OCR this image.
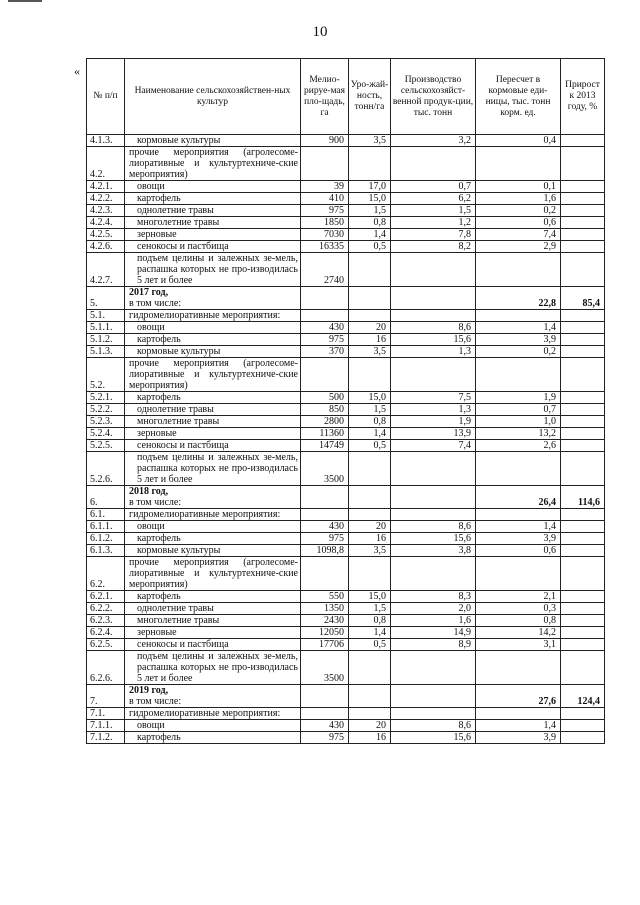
10
«
№ п/п	Наименование сельскохозяйствен-ных культур	Мелио-рируе-мая пло-щадь, га	Уро-жай-ность, тонн/га	Производство сельскохозяйст-венной продук-ции, тыс. тонн	Пересчет в кормовые еди-ницы, тыс. тонн корм. ед.	Прирост к 2013 году, %
4.1.3.	кормовые культуры	900	3,5	3,2	0,4	
4.2.	прочие мероприятия (агролесоме-лиоративные и культуртехниче-ские мероприятия)					
4.2.1.	овощи	39	17,0	0,7	0,1	
4.2.2.	картофель	410	15,0	6,2	1,6	
4.2.3.	однолетние травы	975	1,5	1,5	0,2	
4.2.4.	многолетние травы	1850	0,8	1,2	0,6	
4.2.5.	зерновые	7030	1,4	7,8	7,4	
4.2.6.	сенокосы и пастбища	16335	0,5	8,2	2,9	
4.2.7.	подъем целины и залежных зе-мель, распашка которых не про-изводилась 5 лет и более	2740				
5.	2017 год,
в том числе:				22,8	85,4
5.1.	гидромелиоративные мероприятия:					
5.1.1.	овощи	430	20	8,6	1,4	
5.1.2.	картофель	975	16	15,6	3,9	
5.1.3.	кормовые культуры	370	3,5	1,3	0,2	
5.2.	прочие мероприятия (агролесоме-лиоративные и культуртехниче-ские мероприятия)					
5.2.1.	картофель	500	15,0	7,5	1,9	
5.2.2.	однолетние травы	850	1,5	1,3	0,7	
5.2.3.	многолетние травы	2800	0,8	1,9	1,0	
5.2.4.	зерновые	11360	1,4	13,9	13,2	
5.2.5.	сенокосы и пастбища	14749	0,5	7,4	2,6	
5.2.6.	подъем целины и залежных зе-мель, распашка которых не про-изводилась 5 лет и более	3500				
6.	2018 год,
в том числе:				26,4	114,6
6.1.	гидромелиоративные мероприятия:					
6.1.1.	овощи	430	20	8,6	1,4	
6.1.2.	картофель	975	16	15,6	3,9	
6.1.3.	кормовые культуры	1098,8	3,5	3,8	0,6	
6.2.	прочие мероприятия (агролесоме-лиоративные и культуртехниче-ские мероприятия)					
6.2.1.	картофель	550	15,0	8,3	2,1	
6.2.2.	однолетние травы	1350	1,5	2,0	0,3	
6.2.3.	многолетние травы	2430	0,8	1,6	0,8	
6.2.4.	зерновые	12050	1,4	14,9	14,2	
6.2.5.	сенокосы и пастбища	17706	0,5	8,9	3,1	
6.2.6.	подъем целины и залежных зе-мель, распашка которых не про-изводилась 5 лет и более	3500				
7.	2019 год,
в том числе:				27,6	124,4
7.1.	гидромелиоративные мероприятия:					
7.1.1.	овощи	430	20	8,6	1,4	
7.1.2.	картофель	975	16	15,6	3,9	
